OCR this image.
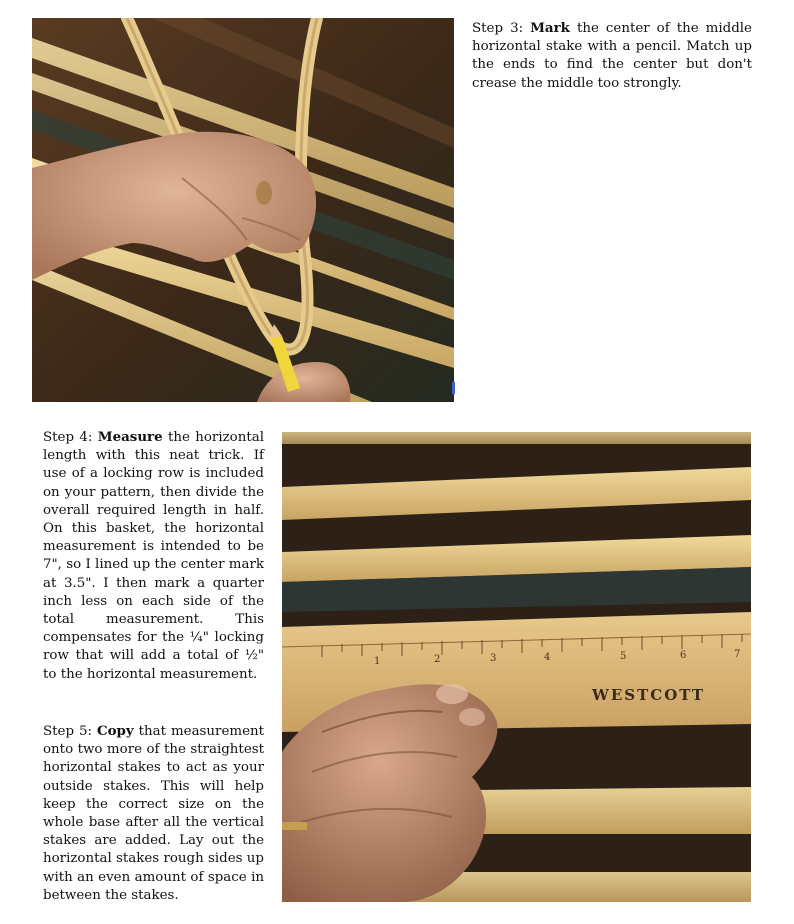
Step 3: Mark the center of the middle horizontal stake with a pencil. Match up the ends to find the center but don't crease the middle too strongly.

Step 4: Measure the horizontal length with this neat trick. If use of a locking row is included on your pattern, then divide the overall required length in half. On this basket, the horizontal measurement is intended to be 7", so I lined up the center mark at 3.5". I then mark a quarter inch less on each side of the total measurement. This compensates for the ¼" locking row that will add a total of ½" to the horizontal measurement.

Step 5: Copy that measurement onto two more of the straightest horizontal stakes to act as your outside stakes. This will help keep the correct size on the whole base after all the vertical stakes are added. Lay out the horizontal stakes rough sides up with an even amount of space in between the stakes.

1	2	3	4	5	6	7
WESTCOTT
